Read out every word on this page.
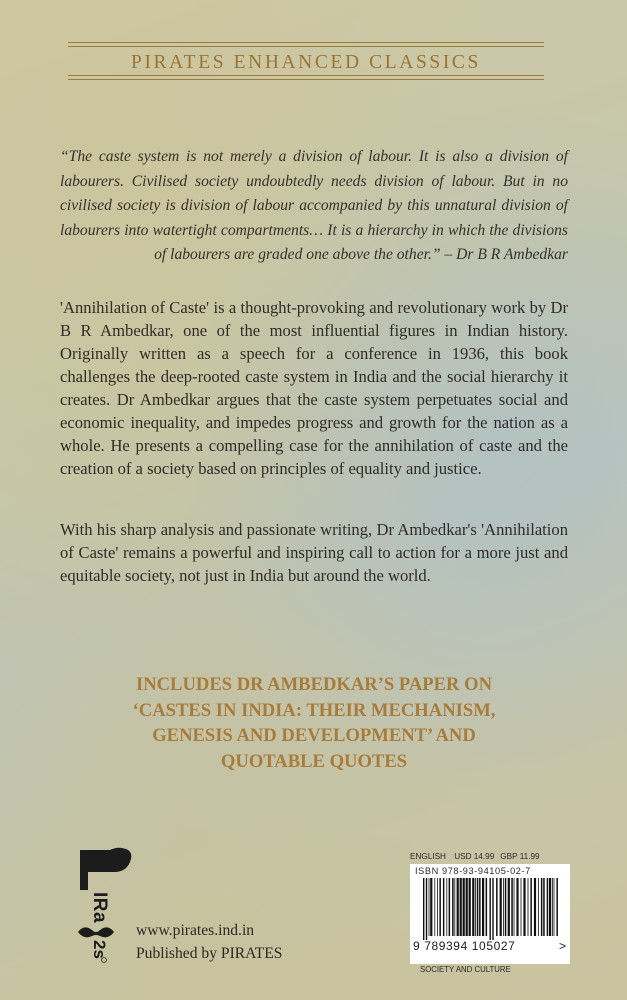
PIRATES ENHANCED CLASSICS

“The caste system is not merely a division of labour. It is also a division of labourers. Civilised society undoubtedly needs division of labour. But in no civilised society is division of labour accompanied by this unnatural division of labourers into watertight compartments… It is a hierarchy in which the divisions of labourers are graded one above the other.” – Dr B R Ambedkar

'Annihilation of Caste' is a thought-provoking and revolutionary work by Dr B R Ambedkar, one of the most influential figures in Indian history. Originally written as a speech for a conference in 1936, this book challenges the deep-rooted caste system in India and the social hierarchy it creates. Dr Ambedkar argues that the caste system perpetuates social and economic inequality, and impedes progress and growth for the nation as a whole. He presents a compelling case for the annihilation of caste and the creation of a society based on principles of equality and justice.

With his sharp analysis and passionate writing, Dr Ambedkar's 'Annihilation of Caste' remains a powerful and inspiring call to action for a more just and equitable society, not just in India but around the world.

INCLUDES DR AMBEDKAR’S PAPER ON
‘CASTES IN INDIA: THEIR MECHANISM,
GENESIS AND DEVELOPMENT’ AND
QUOTABLE QUOTES
IRa
2s
www.pirates.ind.in
Published by PIRATES
ENGLISH USD 14.99 GBP 11.99
ISBN 978-93-94105-02-7
9 789394 105027	>
SOCIETY AND CULTURE
